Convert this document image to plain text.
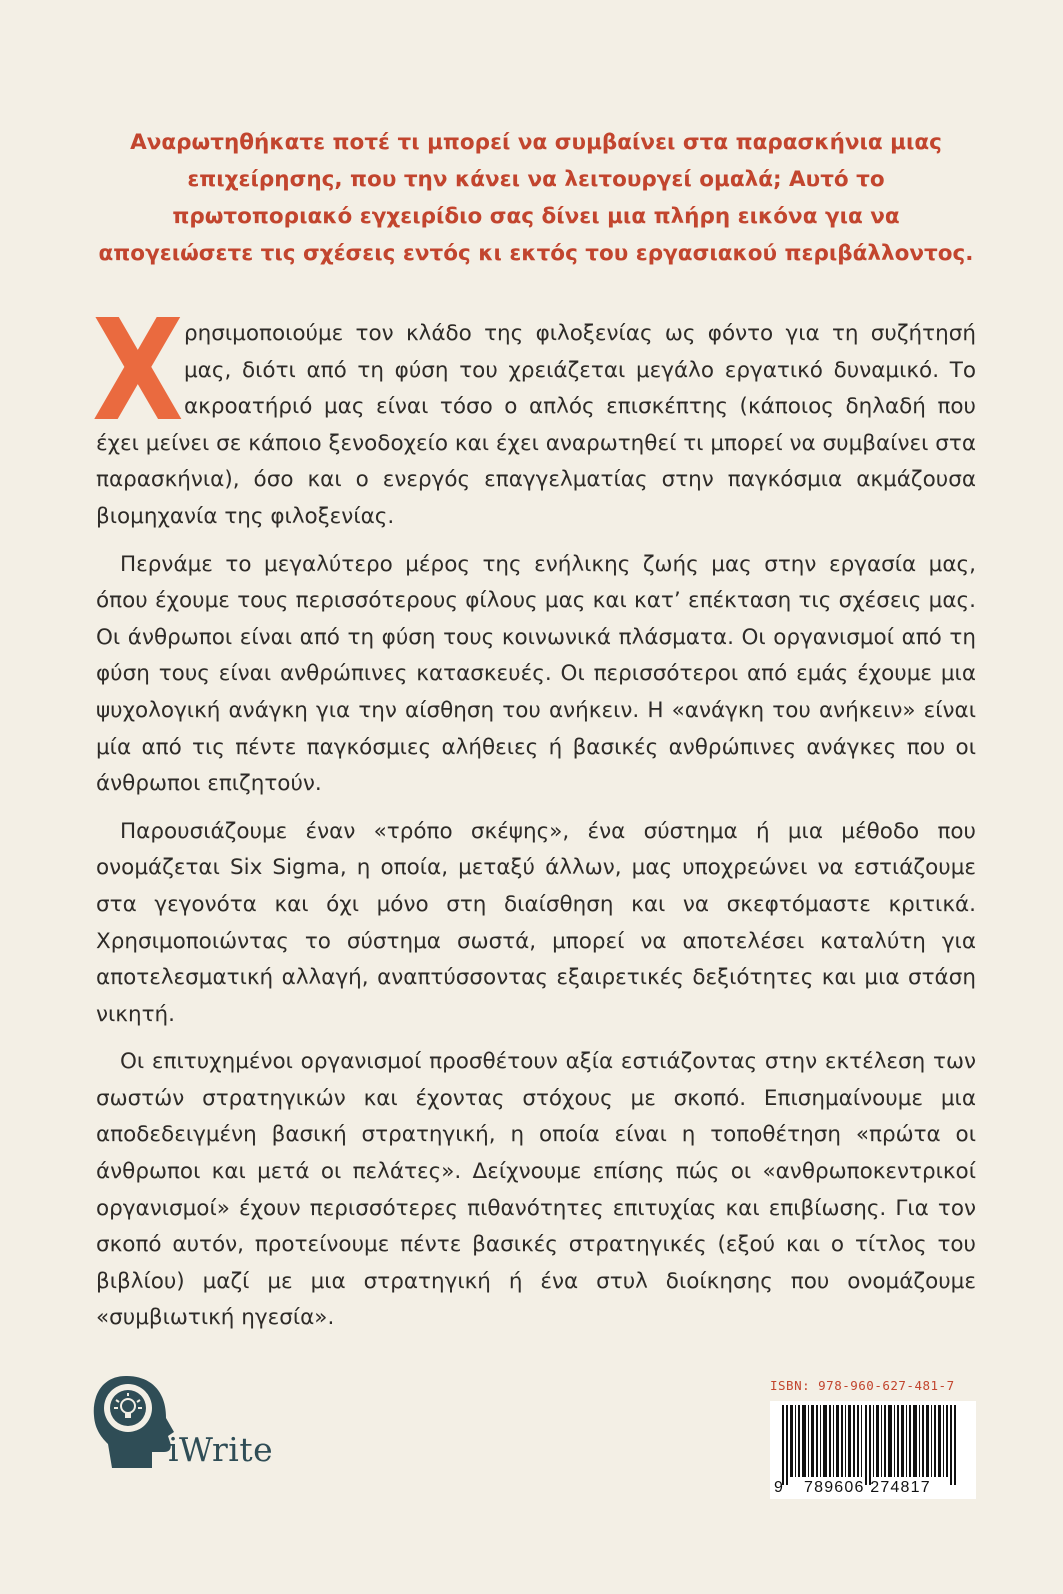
Αναρωτηθήκατε ποτέ τι μπορεί να συμβαίνει στα παρασκήνια μιας επιχείρησης, που την κάνει να λειτουργεί ομαλά; Αυτό το πρωτοποριακό εγχειρίδιο σας δίνει μια πλήρη εικόνα για να απογειώσετε τις σχέσεις εντός κι εκτός του εργασιακού περιβάλλοντος.

Χρησιμοποιούμε τον κλάδο της φιλοξενίας ως φόντο για τη συζήτησή μας, διότι από τη φύση του χρειάζεται μεγάλο εργατικό δυναμικό. Το ακροατήριό μας είναι τόσο ο απλός επισκέπτης (κάποιος δηλαδή που έχει μείνει σε κάποιο ξενοδοχείο και έχει αναρωτηθεί τι μπορεί να συμβαίνει στα παρασκήνια), όσο και ο ενεργός επαγγελματίας στην παγκόσμια ακμάζουσα βιομηχανία της φιλοξενίας.

Περνάμε το μεγαλύτερο μέρος της ενήλικης ζωής μας στην εργασία μας, όπου έχουμε τους περισσότερους φίλους μας και κατ’ επέκταση τις σχέσεις μας. Οι άνθρωποι είναι από τη φύση τους κοινωνικά πλάσματα. Οι οργανισμοί από τη φύση τους είναι ανθρώπινες κατασκευές. Οι περισσότεροι από εμάς έχουμε μια ψυχολογική ανάγκη για την αίσθηση του ανήκειν. Η «ανάγκη του ανήκειν» είναι μία από τις πέντε παγκόσμιες αλήθειες ή βασικές ανθρώπινες ανάγκες που οι άνθρωποι επιζητούν.

Παρουσιάζουμε έναν «τρόπο σκέψης», ένα σύστημα ή μια μέθοδο που ονομάζεται Six Sigma, η οποία, μεταξύ άλλων, μας υποχρεώνει να εστιάζουμε στα γεγονότα και όχι μόνο στη διαίσθηση και να σκεφτόμαστε κριτικά. Χρησιμοποιώντας το σύστημα σωστά, μπορεί να αποτελέσει καταλύτη για αποτελεσματική αλλαγή, αναπτύσσοντας εξαιρετικές δεξιότητες και μια στάση νικητή.

Οι επιτυχημένοι οργανισμοί προσθέτουν αξία εστιάζοντας στην εκτέλεση των σωστών στρατηγικών και έχοντας στόχους με σκοπό. Επισημαίνουμε μια αποδεδειγμένη βασική στρατηγική, η οποία είναι η τοποθέτηση «πρώτα οι άνθρωποι και μετά οι πελάτες». Δείχνουμε επίσης πώς οι «ανθρωποκεντρικοί οργανισμοί» έχουν περισσότερες πιθανότητες επιτυχίας και επιβίωσης. Για τον σκοπό αυτόν, προτείνουμε πέντε βασικές στρατηγικές (εξού και ο τίτλος του βιβλίου) μαζί με μια στρατηγική ή ένα στυλ διοίκησης που ονομάζουμε «συμβιωτική ηγεσία».

iWrite
ISBN: 978-960-627-481-7
9 789606 274817
